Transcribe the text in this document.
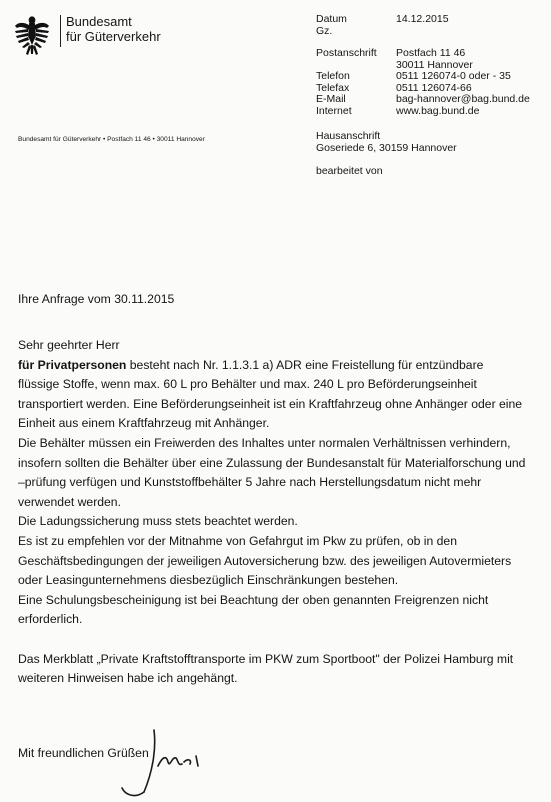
Bundesamt
für Güterverkehr
Datum	14.12.2015
Gz.
Postanschrift Postfach 11 46
30011 Hannover
Telefon	0511 126074-0 oder - 35
Telefax	0511 126074-66
E-Mail	bag-hannover@bag.bund.de
Internet	www.bag.bund.de
Bundesamt für Güterverkehr • Postfach 11 46 • 30011 Hannover	Hausanschrift
Goseriede 6, 30159 Hannover
bearbeitet von
Ihre Anfrage vom 30.11.2015
Sehr geehrter Herr
für Privatpersonen besteht nach Nr. 1.1.3.1 a) ADR eine Freistellung für entzündbare
flüssige Stoffe, wenn max. 60 L pro Behälter und max. 240 L pro Beförderungseinheit
transportiert werden. Eine Beförderungseinheit ist ein Kraftfahrzeug ohne Anhänger oder eine
Einheit aus einem Kraftfahrzeug mit Anhänger.
Die Behälter müssen ein Freiwerden des Inhaltes unter normalen Verhältnissen verhindern,
insofern sollten die Behälter über eine Zulassung der Bundesanstalt für Materialforschung und
–prüfung verfügen und Kunststoffbehälter 5 Jahre nach Herstellungsdatum nicht mehr
verwendet werden.
Die Ladungssicherung muss stets beachtet werden.
Es ist zu empfehlen vor der Mitnahme von Gefahrgut im Pkw zu prüfen, ob in den
Geschäftsbedingungen der jeweiligen Autoversicherung bzw. des jeweiligen Autovermieters
oder Leasingunternehmens diesbezüglich Einschränkungen bestehen.
Eine Schulungsbescheinigung ist bei Beachtung der oben genannten Freigrenzen nicht
erforderlich.
Das Merkblatt „Private Kraftstofftransporte im PKW zum Sportboot" der Polizei Hamburg mit
weiteren Hinweisen habe ich angehängt.
Mit freundlichen Grüßen
